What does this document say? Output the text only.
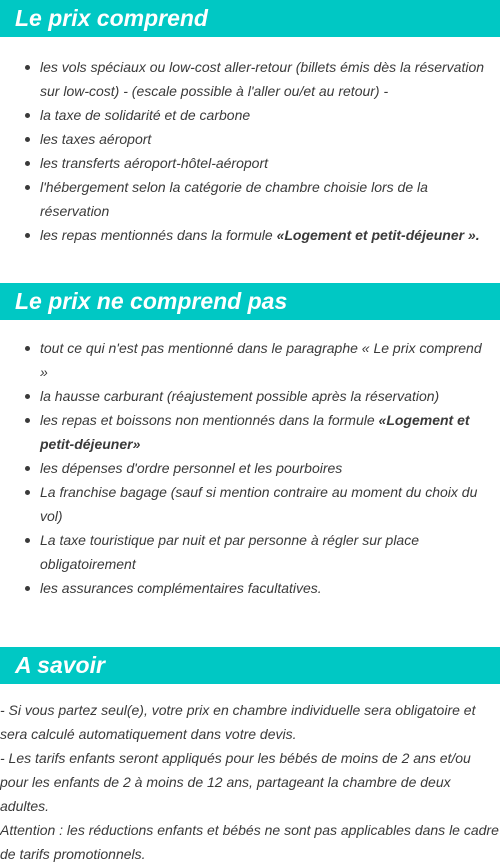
Le prix comprend
les vols spéciaux ou low-cost aller-retour (billets émis dès la réservation sur low-cost) - (escale possible à l'aller ou/et au retour) -
la taxe de solidarité et de carbone
les taxes aéroport
les transferts aéroport-hôtel-aéroport
l'hébergement selon la catégorie de chambre choisie lors de la réservation
les repas mentionnés dans la formule «Logement et petit-déjeuner ».
Le prix ne comprend pas
tout ce qui n'est pas mentionné dans le paragraphe « Le prix comprend »
la hausse carburant (réajustement possible après la réservation)
les repas et boissons non mentionnés dans la formule «Logement et petit-déjeuner»
les dépenses d'ordre personnel et les pourboires
La franchise bagage (sauf si mention contraire au moment du choix du vol)
La taxe touristique par nuit et par personne à régler sur place obligatoirement
les assurances complémentaires facultatives.
A savoir

- Si vous partez seul(e), votre prix en chambre individuelle sera obligatoire et sera calculé automatiquement dans votre devis.

- Les tarifs enfants seront appliqués pour les bébés de moins de 2 ans et/ou pour les enfants de 2 à moins de 12 ans, partageant la chambre de deux adultes.

Attention : les réductions enfants et bébés ne sont pas applicables dans le cadre de tarifs promotionnels.
